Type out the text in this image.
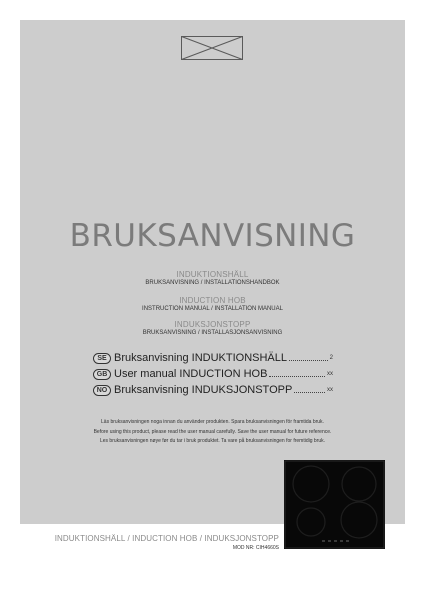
BRUKSANVISNING
INDUKTIONSHÄLL
BRUKSANVISNING / INSTALLATIONSHANDBOK
INDUCTION HOB
INSTRUCTION MANUAL / INSTALLATION MANUAL
INDUKSJONSTOPP
BRUKSANVISNING / INSTALLASJONSANVISNING
SE Bruksanvisning INDUKTIONSHÄLL	2
GB User manual INDUCTION HOB	xx
NO Bruksanvisning INDUKSJONSTOPP	xx
Läs bruksanvisningen noga innan du använder produkten. Spara bruksanvisningen för framtida bruk.
Before using this product, please read the user manual carefully. Save the user manual for future reference.
Les bruksanvisningen nøye før du tar i bruk produktet. Ta vare på bruksanvisningen for fremtidig bruk.
INDUKTIONSHÄLL / INDUCTION HOB / INDUKSJONSTOPP
MOD NR: CIH4660S
